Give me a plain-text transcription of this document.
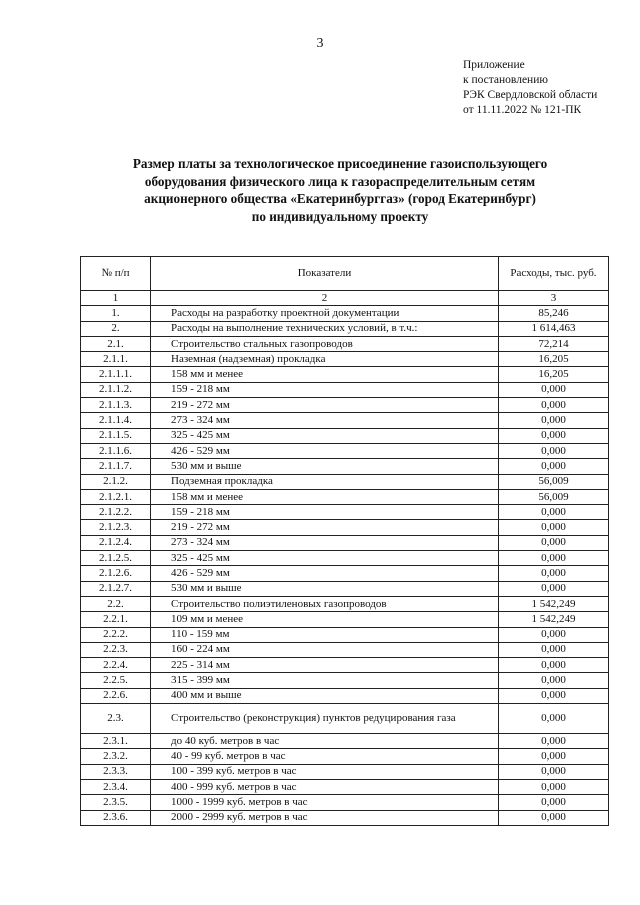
3
Приложение
к постановлению
РЭК Свердловской области
от 11.11.2022 № 121-ПК
Размер платы за технологическое присоединение газоиспользующего
оборудования физического лица к газораспределительным сетям
акционерного общества «Екатеринбурггаз» (город Екатеринбург)
по индивидуальному проекту
№ п/п	Показатели	Расходы, тыс. руб.
1	2	3
1.	Расходы на разработку проектной документации	85,246
2.	Расходы на выполнение технических условий, в т.ч.:	1 614,463
2.1.	Строительство стальных газопроводов	72,214
2.1.1.	Наземная (надземная) прокладка	16,205
2.1.1.1.	158 мм и менее	16,205
2.1.1.2.	159 - 218 мм	0,000
2.1.1.3.	219 - 272 мм	0,000
2.1.1.4.	273 - 324 мм	0,000
2.1.1.5.	325 - 425 мм	0,000
2.1.1.6.	426 - 529 мм	0,000
2.1.1.7.	530 мм и выше	0,000
2.1.2.	Подземная прокладка	56,009
2.1.2.1.	158 мм и менее	56,009
2.1.2.2.	159 - 218 мм	0,000
2.1.2.3.	219 - 272 мм	0,000
2.1.2.4.	273 - 324 мм	0,000
2.1.2.5.	325 - 425 мм	0,000
2.1.2.6.	426 - 529 мм	0,000
2.1.2.7.	530 мм и выше	0,000
2.2.	Строительство полиэтиленовых газопроводов	1 542,249
2.2.1.	109 мм и менее	1 542,249
2.2.2.	110 - 159 мм	0,000
2.2.3.	160 - 224 мм	0,000
2.2.4.	225 - 314 мм	0,000
2.2.5.	315 - 399 мм	0,000
2.2.6.	400 мм и выше	0,000
2.3.	Строительство (реконструкция) пунктов редуцирования газа	0,000
2.3.1.	до 40 куб. метров в час	0,000
2.3.2.	40 - 99 куб. метров в час	0,000
2.3.3.	100 - 399 куб. метров в час	0,000
2.3.4.	400 - 999 куб. метров в час	0,000
2.3.5.	1000 - 1999 куб. метров в час	0,000
2.3.6.	2000 - 2999 куб. метров в час	0,000
